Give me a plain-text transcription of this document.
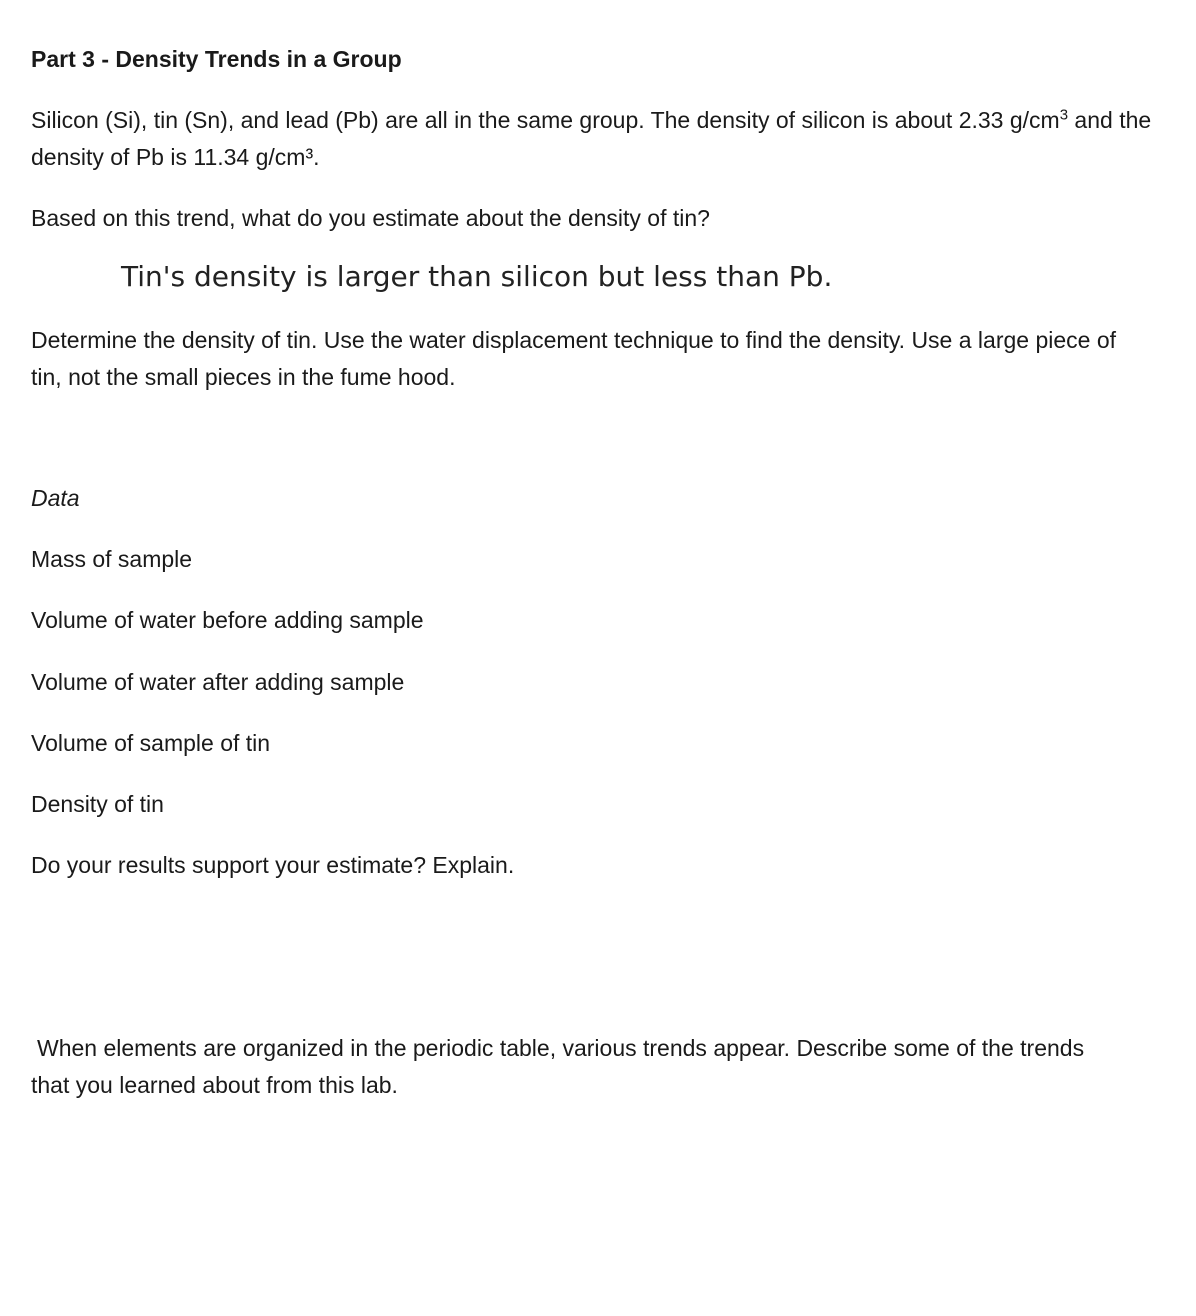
Part 3 - Density Trends in a Group
Silicon (Si), tin (Sn), and lead (Pb) are all in the same group. The density of silicon is about 2.33 $g/cm^3$ and the density of Pb is 11.34 g/cm³.
Based on this trend, what do you estimate about the density of tin?
Tin's density is larger than silicon but less than Pb.
Determine the density of tin. Use the water displacement technique to find the density. Use a large piece of tin, not the small pieces in the fume hood.
Data
Mass of sample
Volume of water before adding sample
Volume of water after adding sample
Volume of sample of tin
Density of tin
Do your results support your estimate? Explain.
When elements are organized in the periodic table, various trends appear. Describe some of the trends
that you learned about from this lab.
